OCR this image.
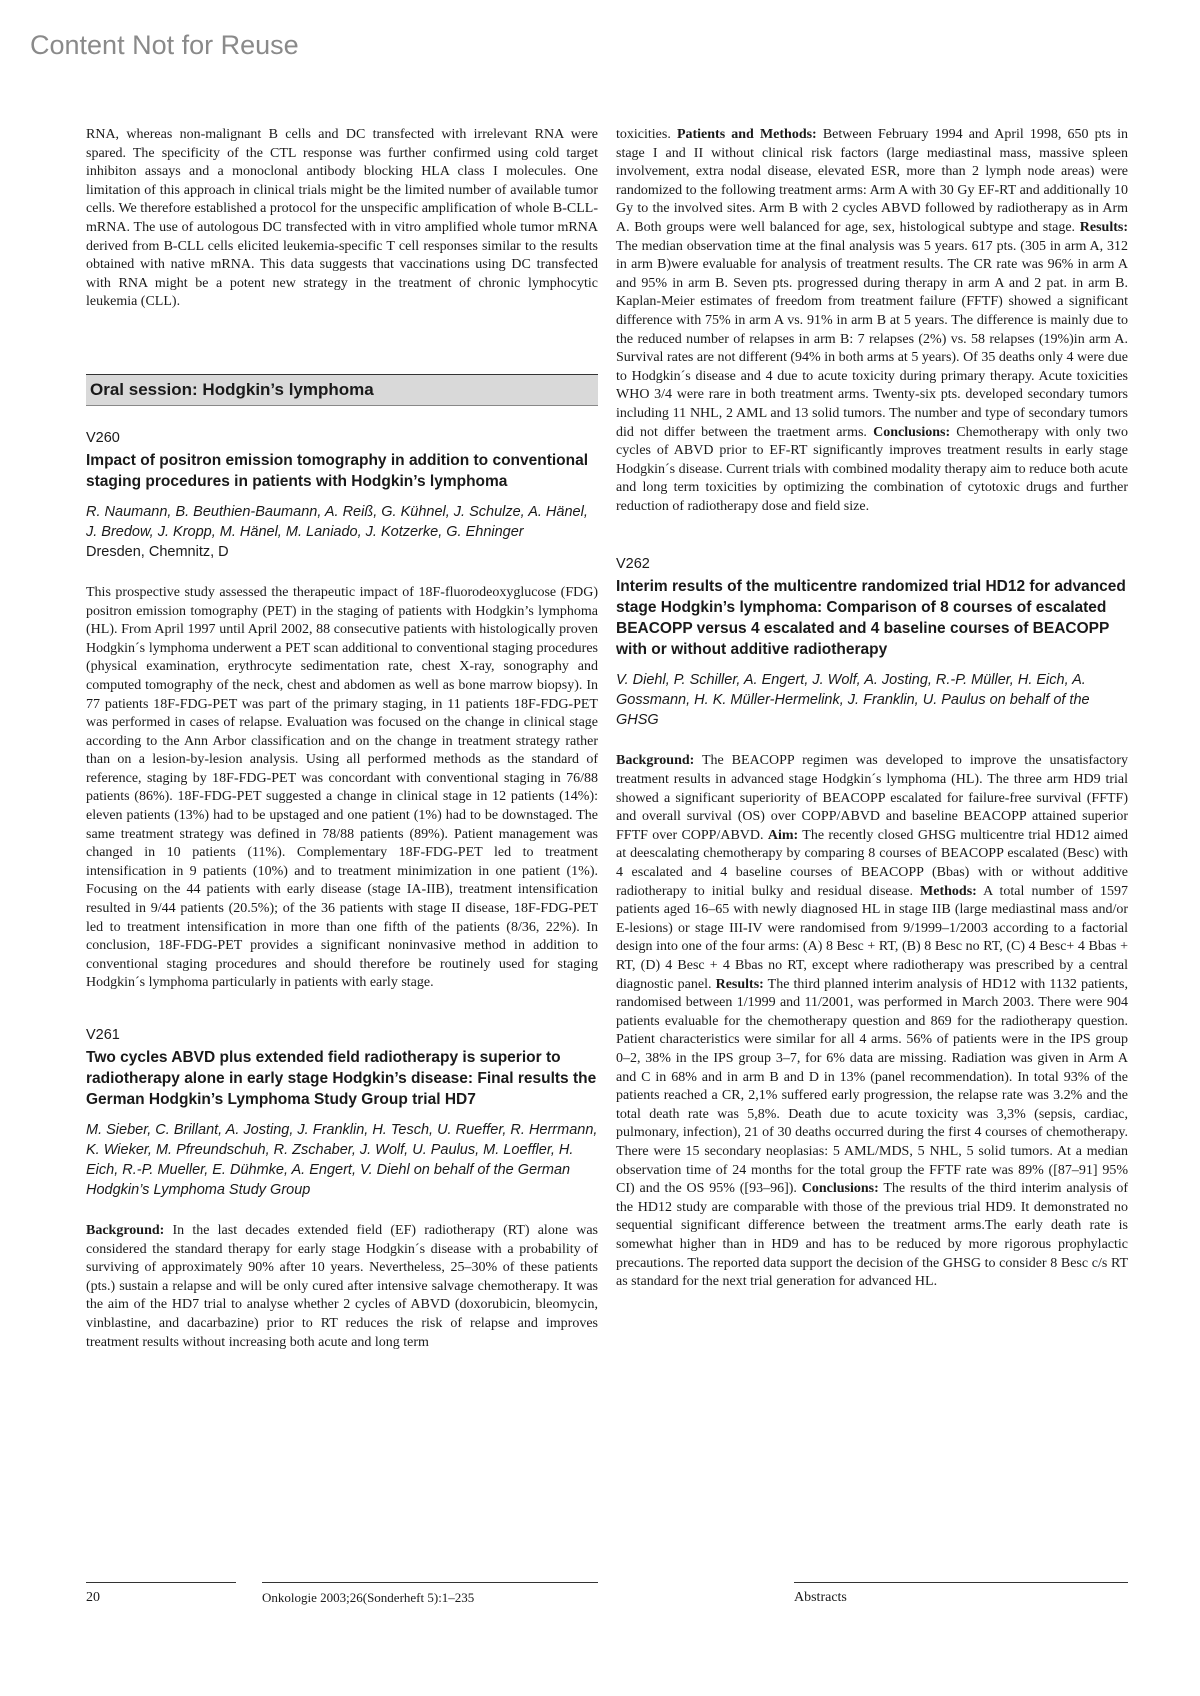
Content Not for Reuse

RNA, whereas non-malignant B cells and DC transfected with irrelevant RNA were spared. The specificity of the CTL response was further confirmed using cold target inhibiton assays and a monoclonal antibody blocking HLA class I molecules. One limitation of this approach in clinical trials might be the limited number of available tumor cells. We therefore established a protocol for the unspecific amplification of whole B-CLL-mRNA. The use of autologous DC transfected with in vitro amplified whole tumor mRNA derived from B-CLL cells elicited leukemia-specific T cell responses similar to the results obtained with native mRNA. This data suggests that vaccinations using DC transfected with RNA might be a potent new strategy in the treatment of chronic lymphocytic leukemia (CLL).

Oral session: Hodgkin’s lymphoma
V260
Impact of positron emission tomography in addition to conventional staging procedures in patients with Hodgkin’s lymphoma
R. Naumann, B. Beuthien-Baumann, A. Reiß, G. Kühnel, J. Schulze, A. Hänel, J. Bredow, J. Kropp, M. Hänel, M. Laniado, J. Kotzerke, G. Ehninger
Dresden, Chemnitz, D

This prospective study assessed the therapeutic impact of 18F-fluorodeoxyglucose (FDG) positron emission tomography (PET) in the staging of patients with Hodgkin’s lymphoma (HL). From April 1997 until April 2002, 88 consecutive patients with histologically proven Hodgkin´s lymphoma underwent a PET scan additional to conventional staging procedures (physical examination, erythrocyte sedimentation rate, chest X-ray, sonography and computed tomography of the neck, chest and abdomen as well as bone marrow biopsy). In 77 patients 18F-FDG-PET was part of the primary staging, in 11 patients 18F-FDG-PET was performed in cases of relapse. Evaluation was focused on the change in clinical stage according to the Ann Arbor classification and on the change in treatment strategy rather than on a lesion-by-lesion analysis. Using all performed methods as the standard of reference, staging by 18F-FDG-PET was concordant with conventional staging in 76/88 patients (86%). 18F-FDG-PET suggested a change in clinical stage in 12 patients (14%): eleven patients (13%) had to be upstaged and one patient (1%) had to be downstaged. The same treatment strategy was defined in 78/88 patients (89%). Patient management was changed in 10 patients (11%). Complementary 18F-FDG-PET led to treatment intensification in 9 patients (10%) and to treatment minimization in one patient (1%). Focusing on the 44 patients with early disease (stage IA-IIB), treatment intensification resulted in 9/44 patients (20.5%); of the 36 patients with stage II disease, 18F-FDG-PET led to treatment intensification in more than one fifth of the patients (8/36, 22%). In conclusion, 18F-FDG-PET provides a significant noninvasive method in addition to conventional staging procedures and should therefore be routinely used for staging Hodgkin´s lymphoma particularly in patients with early stage.

V261
Two cycles ABVD plus extended field radiotherapy is superior to radiotherapy alone in early stage Hodgkin’s disease: Final results the German Hodgkin’s Lymphoma Study Group trial HD7
M. Sieber, C. Brillant, A. Josting, J. Franklin, H. Tesch, U. Rueffer, R. Herrmann, K. Wieker, M. Pfreundschuh, R. Zschaber, J. Wolf, U. Paulus, M. Loeffler, H. Eich, R.-P. Mueller, E. Dühmke, A. Engert, V. Diehl on behalf of the German Hodgkin’s Lymphoma Study Group

Background: In the last decades extended field (EF) radiotherapy (RT) alone was considered the standard therapy for early stage Hodgkin´s disease with a probability of surviving of approximately 90% after 10 years. Nevertheless, 25–30% of these patients (pts.) sustain a relapse and will be only cured after intensive salvage chemotherapy. It was the aim of the HD7 trial to analyse whether 2 cycles of ABVD (doxorubicin, bleomycin, vinblastine, and dacarbazine) prior to RT reduces the risk of relapse and improves treatment results without increasing both acute and long term

toxicities. Patients and Methods: Between February 1994 and April 1998, 650 pts in stage I and II without clinical risk factors (large mediastinal mass, massive spleen involvement, extra nodal disease, elevated ESR, more than 2 lymph node areas) were randomized to the following treatment arms: Arm A with 30 Gy EF-RT and additionally 10 Gy to the involved sites. Arm B with 2 cycles ABVD followed by radiotherapy as in Arm A. Both groups were well balanced for age, sex, histological subtype and stage. Results: The median observation time at the final analysis was 5 years. 617 pts. (305 in arm A, 312 in arm B)were evaluable for analysis of treatment results. The CR rate was 96% in arm A and 95% in arm B. Seven pts. progressed during therapy in arm A and 2 pat. in arm B. Kaplan-Meier estimates of freedom from treatment failure (FFTF) showed a significant difference with 75% in arm A vs. 91% in arm B at 5 years. The difference is mainly due to the reduced number of relapses in arm B: 7 relapses (2%) vs. 58 relapses (19%)in arm A. Survival rates are not different (94% in both arms at 5 years). Of 35 deaths only 4 were due to Hodgkin´s disease and 4 due to acute toxicity during primary therapy. Acute toxicities WHO 3/4 were rare in both treatment arms. Twenty-six pts. developed secondary tumors including 11 NHL, 2 AML and 13 solid tumors. The number and type of secondary tumors did not differ between the traetment arms. Conclusions: Chemotherapy with only two cycles of ABVD prior to EF-RT significantly improves treatment results in early stage Hodgkin´s disease. Current trials with combined modality therapy aim to reduce both acute and long term toxicities by optimizing the combination of cytotoxic drugs and further reduction of radiotherapy dose and field size.

V262
Interim results of the multicentre randomized trial HD12 for advanced stage Hodgkin’s lymphoma: Comparison of 8 courses of escalated BEACOPP versus 4 escalated and 4 baseline courses of BEACOPP with or without additive radiotherapy
V. Diehl, P. Schiller, A. Engert, J. Wolf, A. Josting, R.-P. Müller, H. Eich, A. Gossmann, H. K. Müller-Hermelink, J. Franklin, U. Paulus on behalf of the GHSG

Background: The BEACOPP regimen was developed to improve the unsatisfactory treatment results in advanced stage Hodgkin´s lymphoma (HL). The three arm HD9 trial showed a significant superiority of BEACOPP escalated for failure-free survival (FFTF) and overall survival (OS) over COPP/ABVD and baseline BEACOPP attained superior FFTF over COPP/ABVD. Aim: The recently closed GHSG multicentre trial HD12 aimed at deescalating chemotherapy by comparing 8 courses of BEACOPP escalated (Besc) with 4 escalated and 4 baseline courses of BEACOPP (Bbas) with or without additive radiotherapy to initial bulky and residual disease. Methods: A total number of 1597 patients aged 16–65 with newly diagnosed HL in stage IIB (large mediastinal mass and/or E-lesions) or stage III-IV were randomised from 9/1999–1/2003 according to a factorial design into one of the four arms: (A) 8 Besc + RT, (B) 8 Besc no RT, (C) 4 Besc+ 4 Bbas + RT, (D) 4 Besc + 4 Bbas no RT, except where radiotherapy was prescribed by a central diagnostic panel. Results: The third planned interim analysis of HD12 with 1132 patients, randomised between 1/1999 and 11/2001, was performed in March 2003. There were 904 patients evaluable for the chemotherapy question and 869 for the radiotherapy question. Patient characteristics were similar for all 4 arms. 56% of patients were in the IPS group 0–2, 38% in the IPS group 3–7, for 6% data are missing. Radiation was given in Arm A and C in 68% and in arm B and D in 13% (panel recommendation). In total 93% of the patients reached a CR, 2,1% suffered early progression, the relapse rate was 3.2% and the total death rate was 5,8%. Death due to acute toxicity was 3,3% (sepsis, cardiac, pulmonary, infection), 21 of 30 deaths occurred during the first 4 courses of chemotherapy. There were 15 secondary neoplasias: 5 AML/MDS, 5 NHL, 5 solid tumors. At a median observation time of 24 months for the total group the FFTF rate was 89% ([87–91] 95% CI) and the OS 95% ([93–96]). Conclusions: The results of the third interim analysis of the HD12 study are comparable with those of the previous trial HD9. It demonstrated no sequential significant difference between the treatment arms.The early death rate is somewhat higher than in HD9 and has to be reduced by more rigorous prophylactic precautions. The reported data support the decision of the GHSG to consider 8 Besc c/s RT as standard for the next trial generation for advanced HL.

20	Onkologie 2003;26(Sonderheft 5):1–235	Abstracts
